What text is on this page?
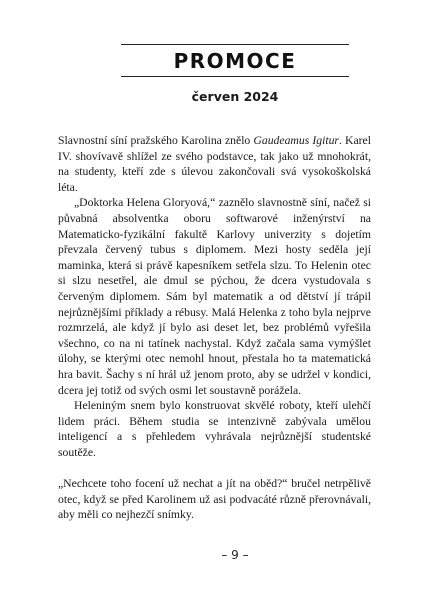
PROMOCE
červen 2024

Slavnostní síní pražského Karolina znělo Gaudeamus Igitur. Karel IV. shovívavě shlížel ze svého podstavce, tak jako už mnohokrát, na studenty, kteří zde s úlevou zakončovali svá vysokoškolská léta.

„Doktorka Helena Gloryová,“ zaznělo slavnostně síní, načež si půvabná absolventka oboru softwarové inženýrství na Matematicko-fyzikální fakultě Karlovy univerzity s dojetím převzala červený tubus s diplomem. Mezi hosty seděla její maminka, která si právě kapesníkem setřela slzu. To Helenin otec si slzu nesetřel, ale dmul se pýchou, že dcera vystudovala s červeným diplomem. Sám byl matematik a od dětství jí trápil nejrůznějšími příklady a rébusy. Malá Helenka z toho byla nejprve rozmrzelá, ale když jí bylo asi deset let, bez problémů vyřešila všechno, co na ni tatínek nachystal. Když začala sama vymýšlet úlohy, se kterými otec nemohl hnout, přestala ho ta matematická hra bavit. Šachy s ní hrál už jenom proto, aby se udržel v kondici, dcera jej totiž od svých osmi let soustavně porážela.

Heleniným snem bylo konstruovat skvělé roboty, kteří ulehčí lidem práci. Během studia se intenzivně zabývala umělou inteligencí a s přehledem vyhrávala nejrůznější studentské soutěže.

„Nechcete toho focení už nechat a jít na oběd?“ bručel netrpělivě otec, když se před Karolinem už asi podvacáté různě přerovnávali, aby měli co nejhezčí snímky.

– 9 –
